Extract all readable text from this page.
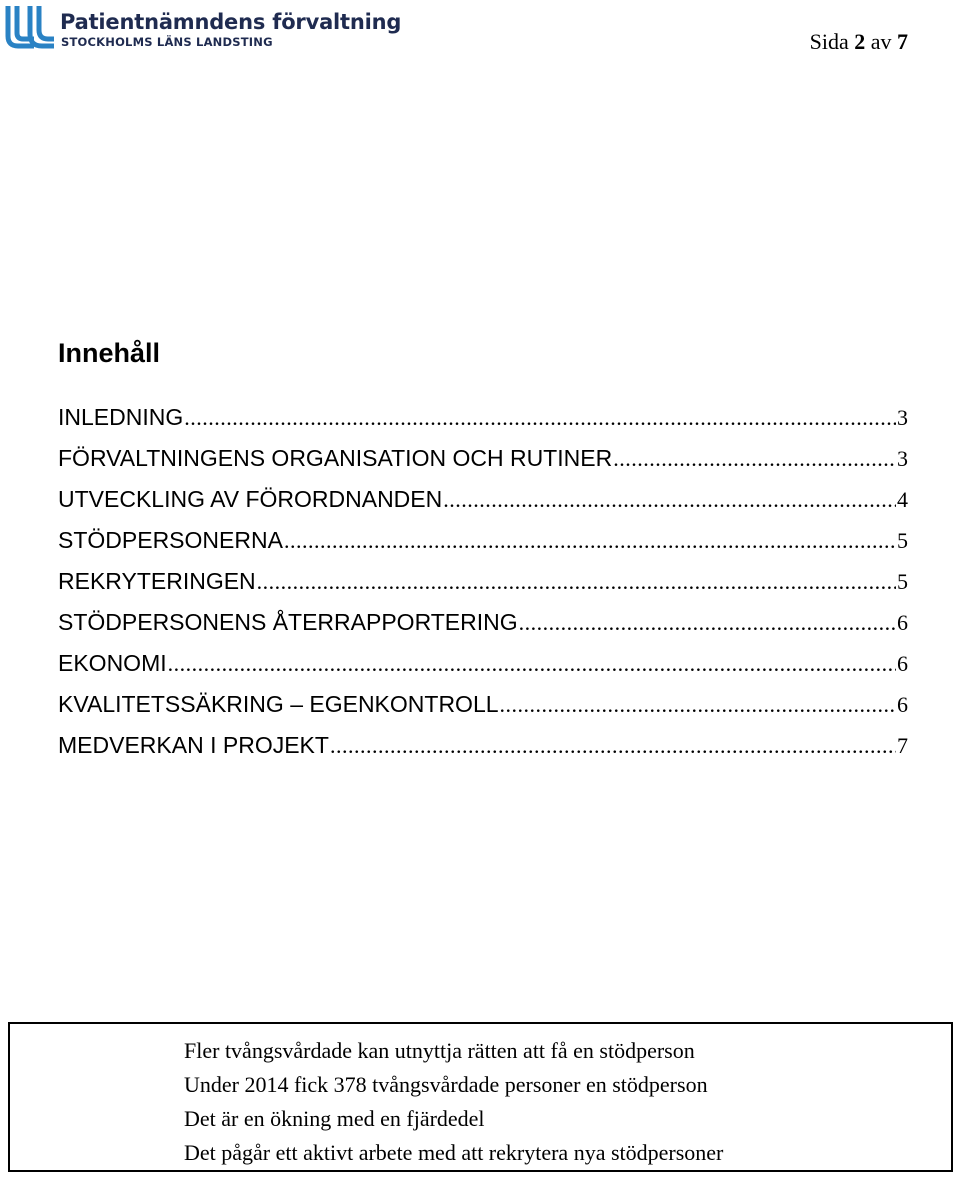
Patientnämndens förvaltning
STOCKHOLMS LÄNS LANDSTING	Sida 2 av 7
Innehåll
INLEDNING .....	3
FÖRVALTNINGENS ORGANISATION OCH RUTINER .....	3
UTVECKLING AV FÖRORDNANDEN .....	4
STÖDPERSONERNA .....	5
REKRYTERINGEN .....	5
STÖDPERSONENS ÅTERRAPPORTERING .....	6
EKONOMI .....	6
KVALITETSSÄKRING – EGENKONTROLL .....	6
MEDVERKAN I PROJEKT .....	7
Fler tvångsvårdade kan utnyttja rätten att få en stödperson
Under 2014 fick 378 tvångsvårdade personer en stödperson
Det är en ökning med en fjärdedel
Det pågår ett aktivt arbete med att rekrytera nya stödpersoner
